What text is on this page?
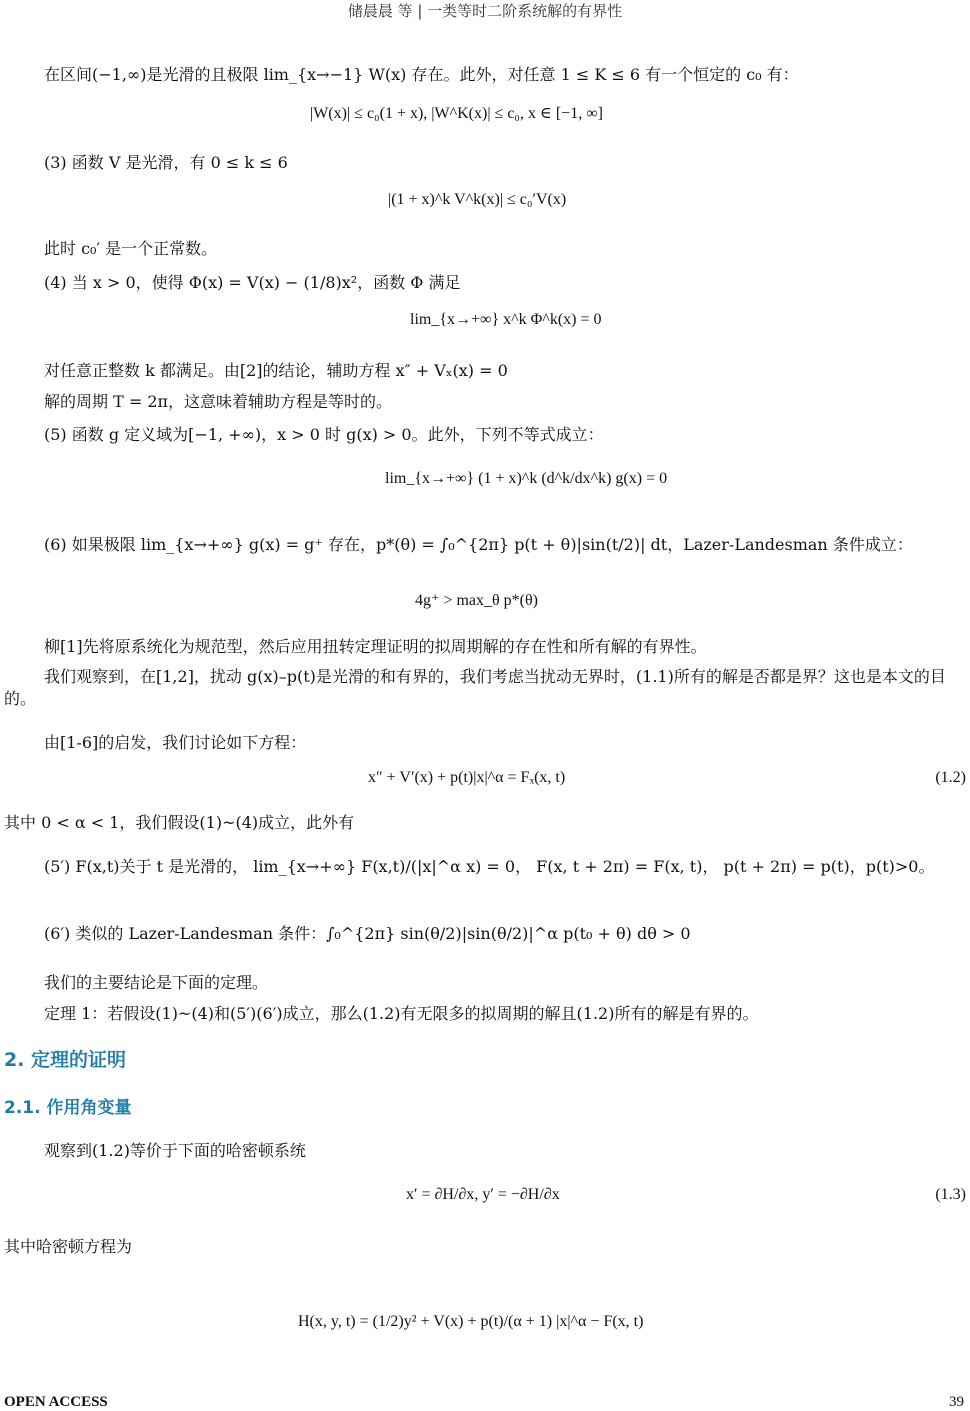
储晨晨 等 | 一类等时二阶系统解的有界性
在区间(−1,∞)是光滑的且极限 lim_{x→−1} W(x) 存在。此外，对任意 1 ≤ K ≤ 6 有一个恒定的 c₀ 有：
|W(x)| ≤ c₀(1 + x), |W^K(x)| ≤ c₀, x ∈ [−1, ∞]
(3) 函数 V 是光滑，有 0 ≤ k ≤ 6
|(1 + x)^k V^k(x)| ≤ c₀′V(x)
此时 c₀′ 是一个正常数。
(4) 当 x > 0，使得 Φ(x) = V(x) − (1/8)x²，函数 Φ 满足
lim_{x→+∞} x^k Φ^k(x) = 0
对任意正整数 k 都满足。由[2]的结论，辅助方程 x″ + Vₓ(x) = 0
解的周期 T = 2π，这意味着辅助方程是等时的。
(5) 函数 g 定义域为[−1, +∞)，x > 0 时 g(x) > 0。此外，下列不等式成立：
lim_{x→+∞} (1 + x)^k (d^k/dx^k) g(x) = 0
(6) 如果极限 lim_{x→+∞} g(x) = g⁺ 存在，p*(θ) = ∫₀^{2π} p(t + θ)|sin(t/2)| dt，Lazer-Landesman 条件成立：
4g⁺ > max_θ p*(θ)
柳[1]先将原系统化为规范型，然后应用扭转定理证明的拟周期解的存在性和所有解的有界性。
我们观察到，在[1,2]，扰动 g(x)–p(t)是光滑的和有界的，我们考虑当扰动无界时，(1.1)所有的解是否都是界？这也是本文的目的。
由[1-6]的启发，我们讨论如下方程：
x″ + V′(x) + p(t)|x|^α = Fₓ(x, t)	(1.2)
其中 0 < α < 1，我们假设(1)~(4)成立，此外有
(5′) F(x,t)关于 t 是光滑的， lim_{x→+∞} F(x,t)/(|x|^α x) = 0， F(x, t + 2π) = F(x, t)， p(t + 2π) = p(t)，p(t)>0。
(6′) 类似的 Lazer-Landesman 条件：∫₀^{2π} sin(θ/2)|sin(θ/2)|^α p(t₀ + θ) dθ > 0
我们的主要结论是下面的定理。
定理 1：若假设(1)~(4)和(5′)(6′)成立，那么(1.2)有无限多的拟周期的解且(1.2)所有的解是有界的。
2. 定理的证明
2.1. 作用角变量
观察到(1.2)等价于下面的哈密顿系统
x′ = ∂H/∂x, y′ = −∂H/∂x	(1.3)
其中哈密顿方程为
H(x, y, t) = (1/2)y² + V(x) + p(t)/(α + 1) |x|^α − F(x, t)
OPEN ACCESS	39
